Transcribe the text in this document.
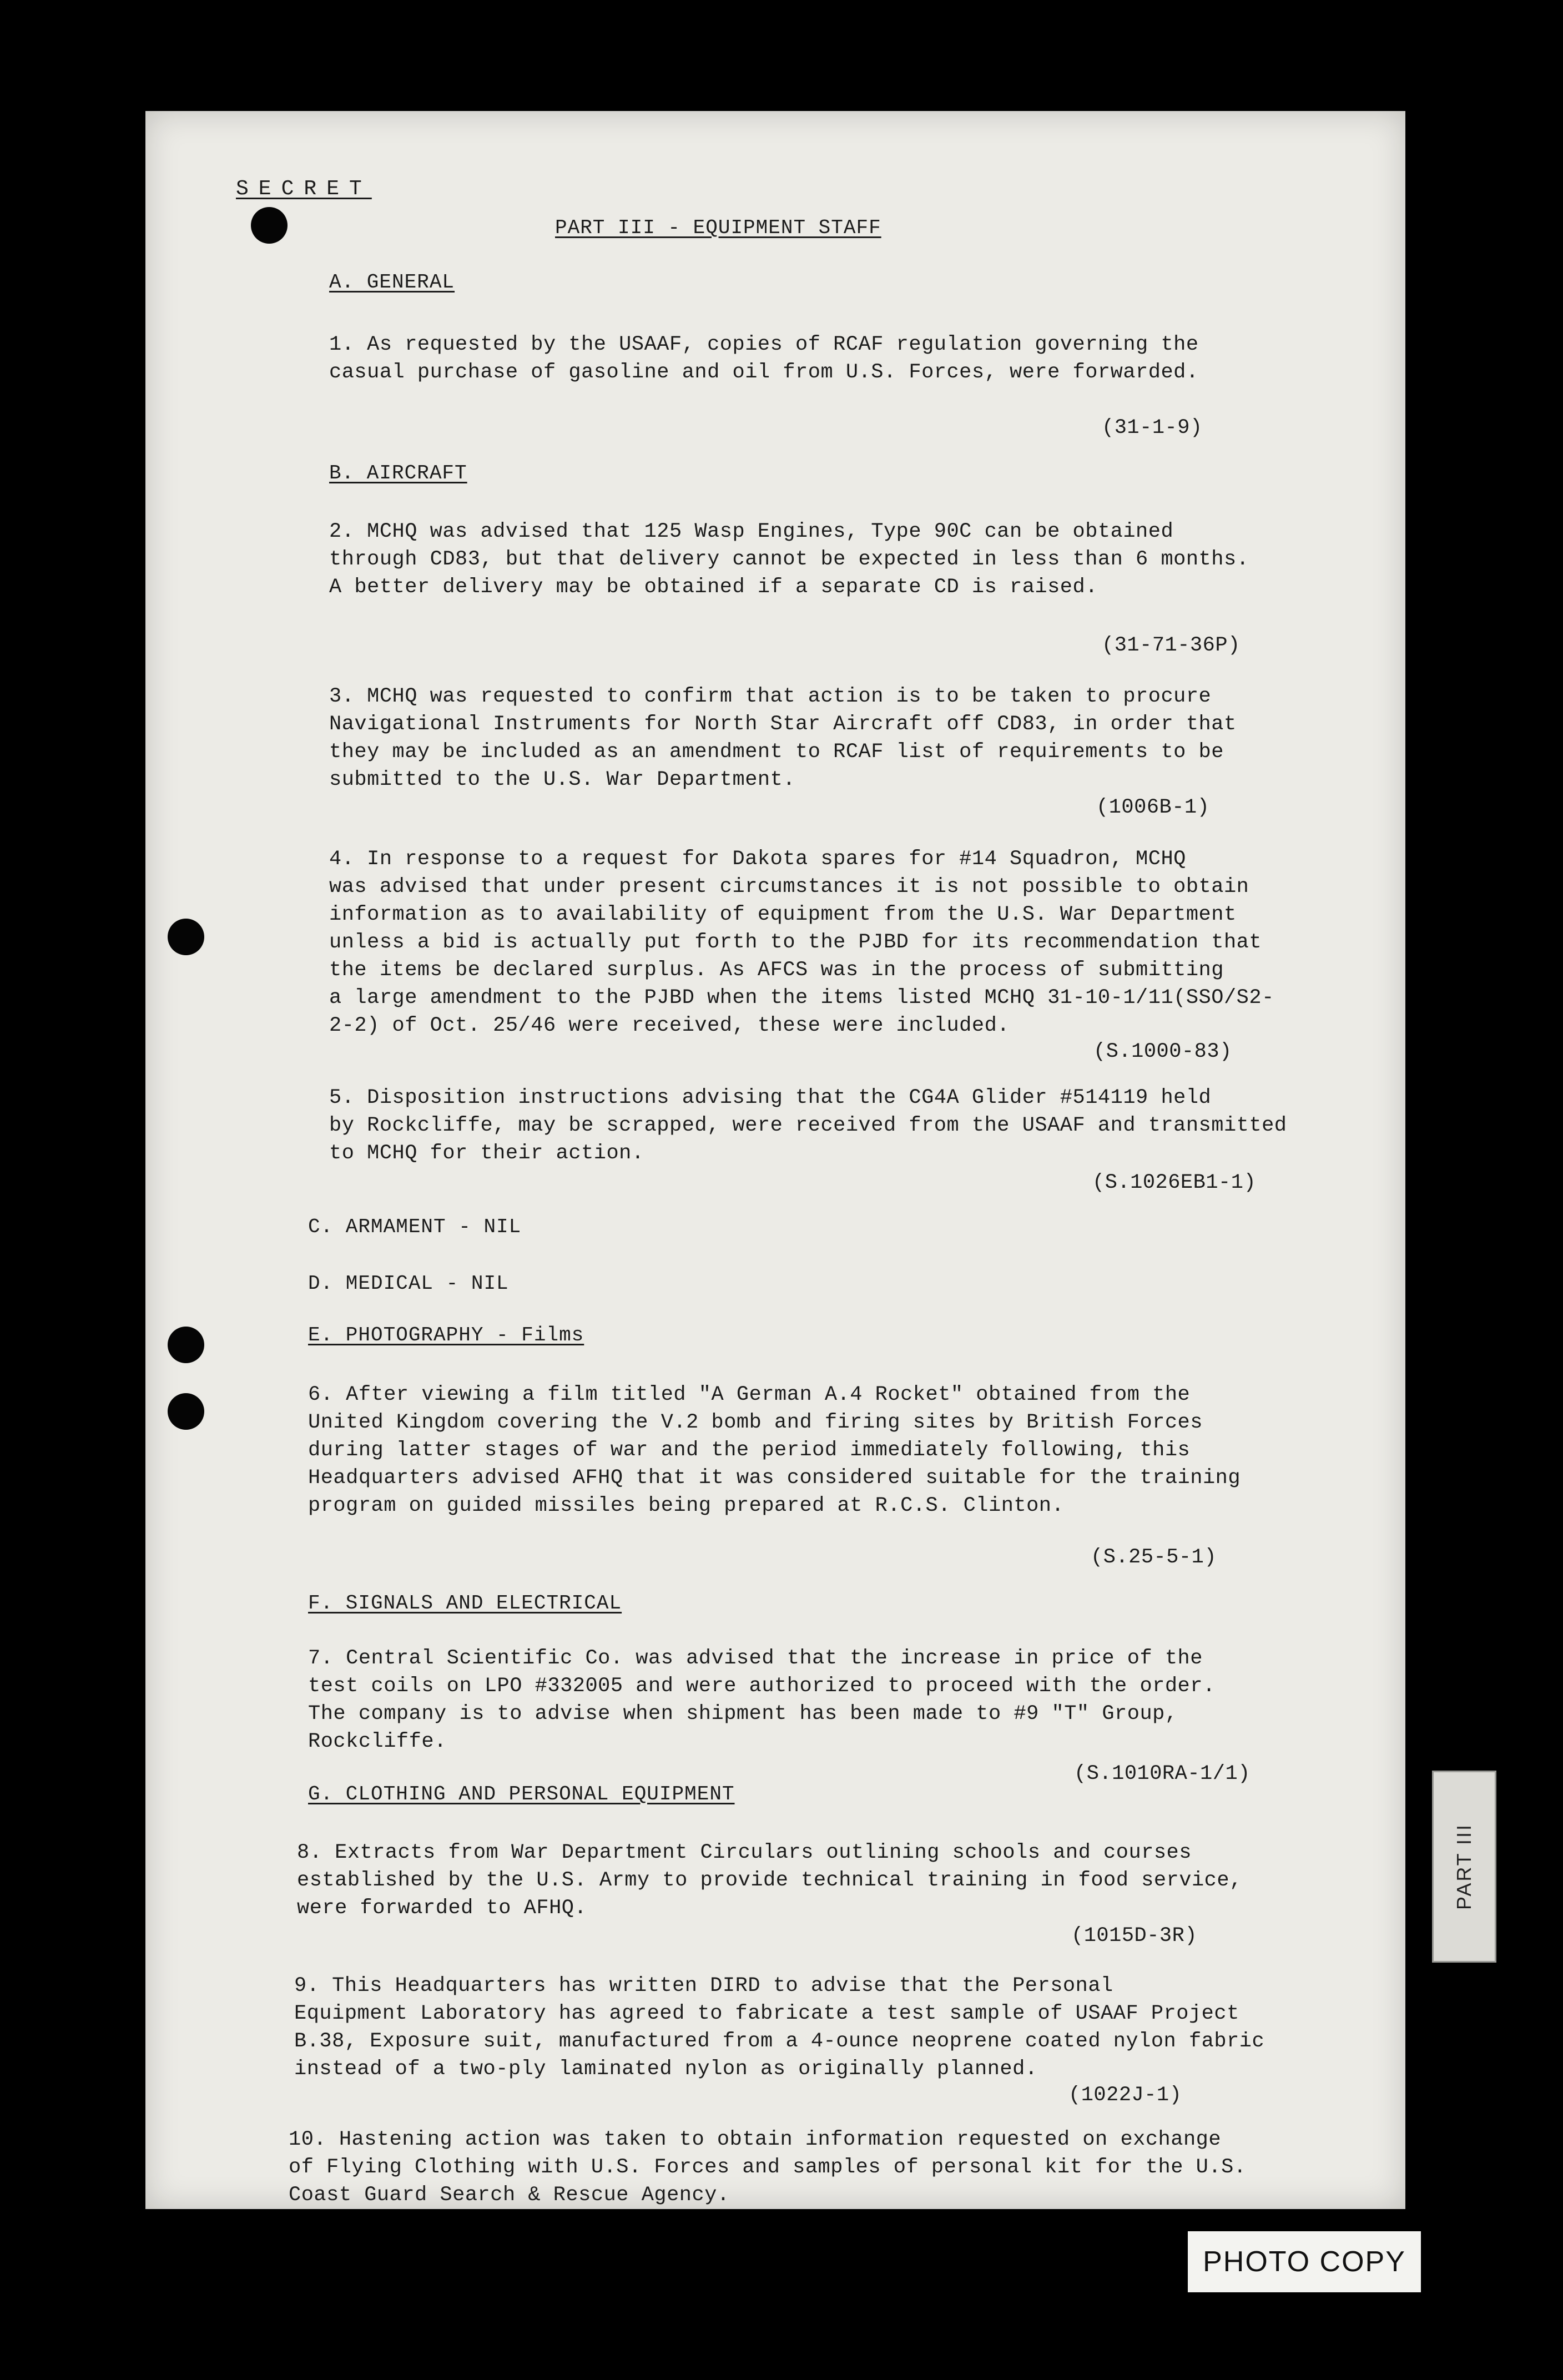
SECRET
PART III - EQUIPMENT STAFF
A. GENERAL
1. As requested by the USAAF, copies of RCAF regulation governing the
casual purchase of gasoline and oil from U.S. Forces, were forwarded.
(31-1-9)
B. AIRCRAFT
2. MCHQ was advised that 125 Wasp Engines, Type 90C can be obtained
through CD83, but that delivery cannot be expected in less than 6 months.
A better delivery may be obtained if a separate CD is raised.
(31-71-36P)
3. MCHQ was requested to confirm that action is to be taken to procure
Navigational Instruments for North Star Aircraft off CD83, in order that
they may be included as an amendment to RCAF list of requirements to be
submitted to the U.S. War Department.
(1006B-1)
4. In response to a request for Dakota spares for #14 Squadron, MCHQ
was advised that under present circumstances it is not possible to obtain
information as to availability of equipment from the U.S. War Department
unless a bid is actually put forth to the PJBD for its recommendation that
the items be declared surplus. As AFCS was in the process of submitting
a large amendment to the PJBD when the items listed MCHQ 31-10-1/11(SSO/S2-
2-2) of Oct. 25/46 were received, these were included.
(S.1000-83)
5. Disposition instructions advising that the CG4A Glider #514119 held
by Rockcliffe, may be scrapped, were received from the USAAF and transmitted
to MCHQ for their action.
(S.1026EB1-1)
C. ARMAMENT - NIL
D. MEDICAL - NIL
E. PHOTOGRAPHY - Films
6. After viewing a film titled "A German A.4 Rocket" obtained from the
United Kingdom covering the V.2 bomb and firing sites by British Forces
during latter stages of war and the period immediately following, this
Headquarters advised AFHQ that it was considered suitable for the training
program on guided missiles being prepared at R.C.S. Clinton.
(S.25-5-1)
F. SIGNALS AND ELECTRICAL
7. Central Scientific Co. was advised that the increase in price of the
test coils on LPO #332005 and were authorized to proceed with the order.
The company is to advise when shipment has been made to #9 "T" Group,
Rockcliffe.
(S.1010RA-1/1)
G. CLOTHING AND PERSONAL EQUIPMENT
8. Extracts from War Department Circulars outlining schools and courses
established by the U.S. Army to provide technical training in food service,
were forwarded to AFHQ.
(1015D-3R)
9. This Headquarters has written DIRD to advise that the Personal
Equipment Laboratory has agreed to fabricate a test sample of USAAF Project
B.38, Exposure suit, manufactured from a 4-ounce neoprene coated nylon fabric
instead of a two-ply laminated nylon as originally planned.
(1022J-1)
10. Hastening action was taken to obtain information requested on exchange
of Flying Clothing with U.S. Forces and samples of personal kit for the U.S.
Coast Guard Search & Rescue Agency.
PART III
PHOTO COPY
